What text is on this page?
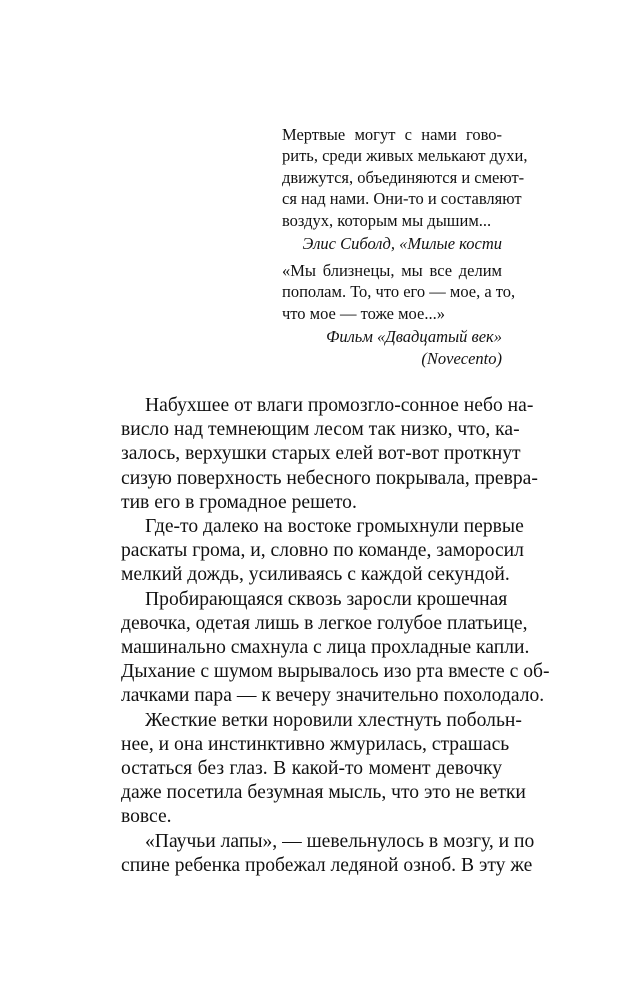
Мертвые могут с нами гово-
рить, среди живых мелькают духи,
движутся, объединяются и смеют-
ся над нами. Они-то и составляют
воздух, которым мы дышим...

Элис Сиболд, «Милые кости

«Мы близнецы, мы все делим
пополам. То, что его — мое, а то,
что мое — тоже мое...»

Фильм «Двадцатый век»
(Novecento)

Набухшее от влаги промозгло-сонное небо на-
висло над темнеющим лесом так низко, что, ка-
залось, верхушки старых елей вот-вот проткнут
сизую поверхность небесного покрывала, превра-
тив его в громадное решето.

Где-то далеко на востоке громыхнули первые
раскаты грома, и, словно по команде, заморосил
мелкий дождь, усиливаясь с каждой секундой.

Пробирающаяся сквозь заросли крошечная
девочка, одетая лишь в легкое голубое платьице,
машинально смахнула с лица прохладные капли.
Дыхание с шумом вырывалось изо рта вместе с об-
лачками пара — к вечеру значительно похолодало.

Жесткие ветки норовили хлестнуть побольн-
нее, и она инстинктивно жмурилась, страшась
остаться без глаз. В какой-то момент девочку
даже посетила безумная мысль, что это не ветки
вовсе.

«Паучьи лапы», — шевельнулось в мозгу, и по
спине ребенка пробежал ледяной озноб. В эту же
